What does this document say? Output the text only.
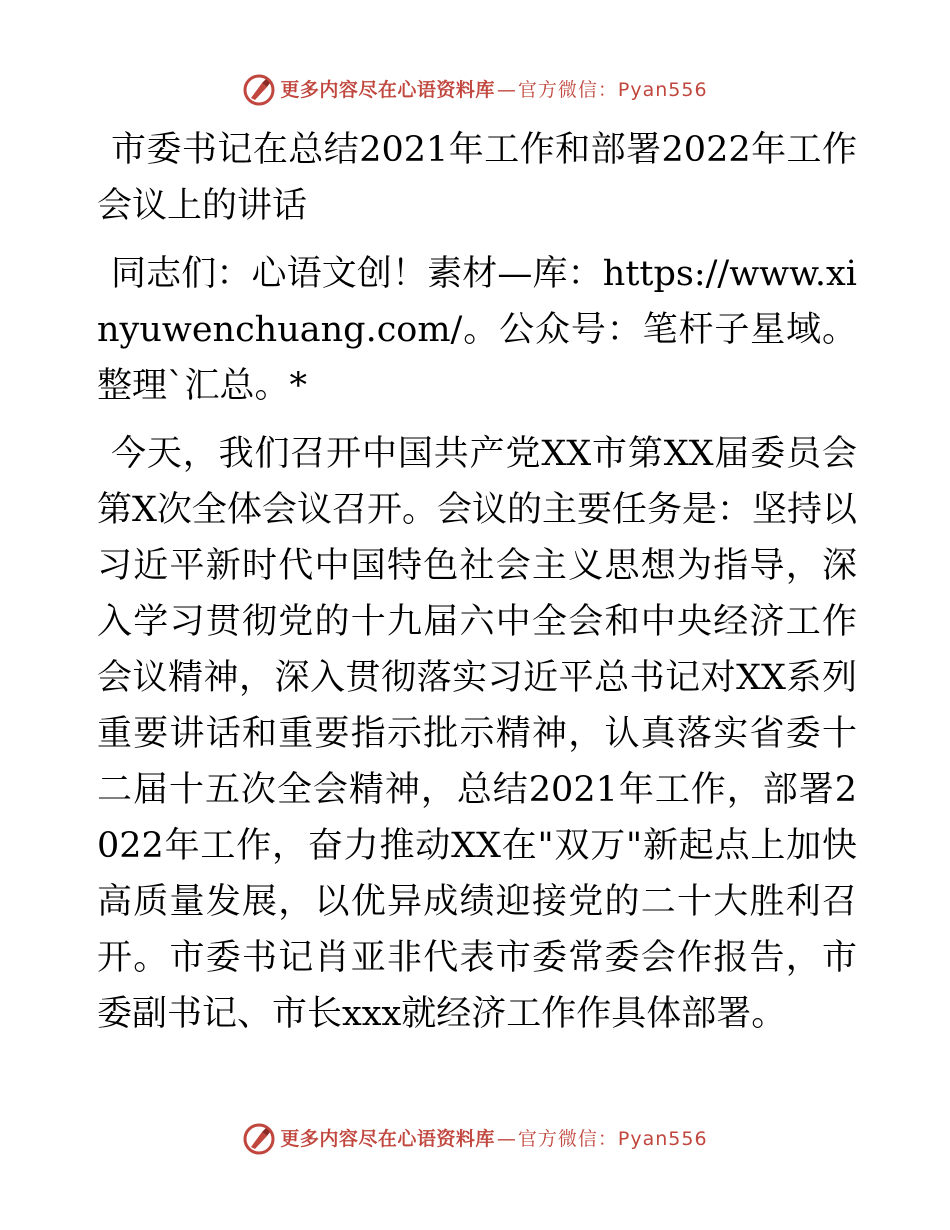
更多内容尽在心语资料库 — 官方微信：Pyan556

市委书记在总结2021年工作和部署2022年工作会议上的讲话

同志们：心语文创！素材—库：https://www.xinyuwenchuang.com/。公众号：笔杆子星域。整理`汇总。*

今天，我们召开中国共产党XX市第XX届委员会第X次全体会议召开。会议的主要任务是：坚持以习近平新时代中国特色社会主义思想为指导，深入学习贯彻党的十九届六中全会和中央经济工作会议精神，深入贯彻落实习近平总书记对XX系列重要讲话和重要指示批示精神，认真落实省委十二届十五次全会精神，总结2021年工作，部署2022年工作，奋力推动XX在"双万"新起点上加快高质量发展，以优异成绩迎接党的二十大胜利召开。市委书记肖亚非代表市委常委会作报告，市委副书记、市长xxx就经济工作作具体部署。

更多内容尽在心语资料库 — 官方微信：Pyan556
